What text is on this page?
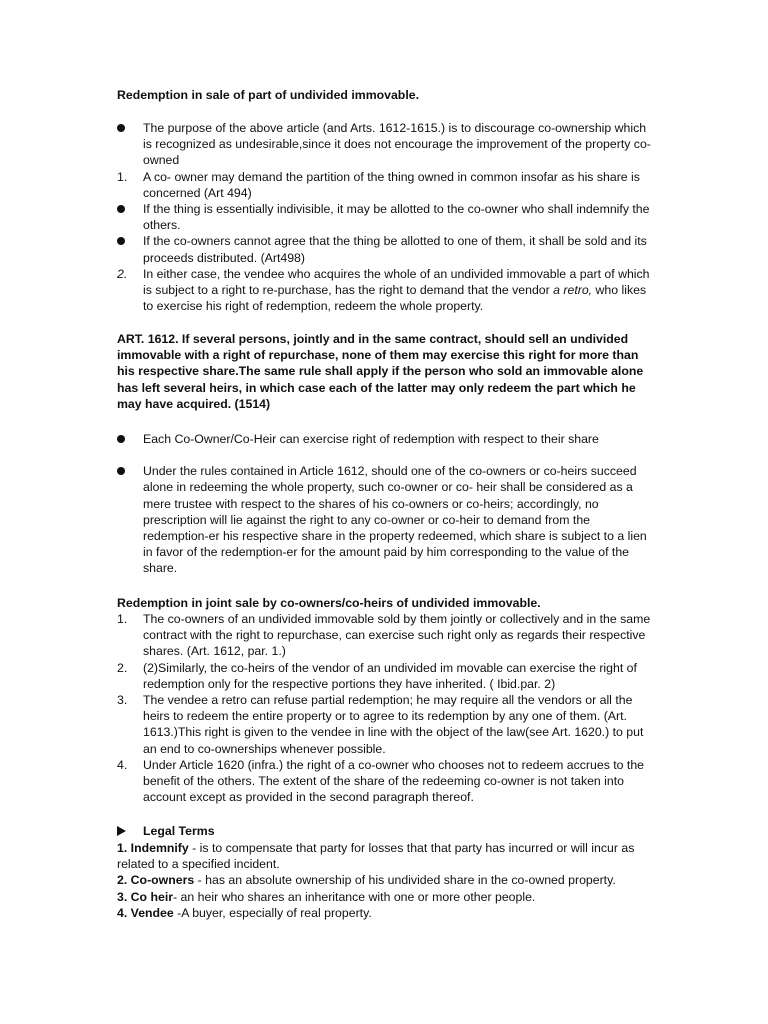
Redemption in sale of part of undivided immovable.
The purpose of the above article (and Arts. 1612-1615.) is to discourage co-ownership which is recognized as undesirable,since it does not encourage the improvement of the property co-owned
1.	A co- owner may demand the partition of the thing owned in common insofar as his share is concerned (Art 494)
If the thing is essentially indivisible, it may be allotted to the co-owner who shall indemnify the others.
If the co-owners cannot agree that the thing be allotted to one of them, it shall be sold and its proceeds distributed. (Art498)
2.	In either case, the vendee who acquires the whole of an undivided immovable a part of which is subject to a right to re-purchase, has the right to demand that the vendor a retro, who likes to exercise his right of redemption, redeem the whole property.
ART. 1612. If several persons, jointly and in the same contract, should sell an undivided immovable with a right of repurchase, none of them may exercise this right for more than his respective share.The same rule shall apply if the person who sold an immovable alone has left several heirs, in which case each of the latter may only redeem the part which he may have acquired. (1514)
Each Co-Owner/Co-Heir can exercise right of redemption with respect to their share
Under the rules contained in Article 1612, should one of the co-owners or co-heirs succeed alone in redeeming the whole property, such co-owner or co- heir shall be considered as a mere trustee with respect to the shares of his co-owners or co-heirs; accordingly, no prescription will lie against the right to any co-owner or co-heir to demand from the redemption-er his respective share in the property redeemed, which share is subject to a lien in favor of the redemption-er for the amount paid by him corresponding to the value of the share.
Redemption in joint sale by co-owners/co-heirs of undivided immovable.
1.	The co-owners of an undivided immovable sold by them jointly or collectively and in the same contract with the right to repurchase, can exercise such right only as regards their respective shares. (Art. 1612, par. 1.)
2.	(2)Similarly, the co-heirs of the vendor of an undivided im movable can exercise the right of redemption only for the respective portions they have inherited. ( Ibid.par. 2)
3.	The vendee a retro can refuse partial redemption; he may require all the vendors or all the heirs to redeem the entire property or to agree to its redemption by any one of them. (Art. 1613.)This right is given to the vendee in line with the object of the law(see Art. 1620.) to put an end to co-ownerships whenever possible.
4.	Under Article 1620 (infra.) the right of a co-owner who chooses not to redeem accrues to the benefit of the others. The extent of the share of the redeeming co-owner is not taken into account except as provided in the second paragraph thereof.
Legal Terms
1. Indemnify - is to compensate that party for losses that that party has incurred or will incur as related to a specified incident.
2. Co-owners - has an absolute ownership of his undivided share in the co-owned property.
3. Co heir- an heir who shares an inheritance with one or more other people.
4. Vendee -A buyer, especially of real property.
